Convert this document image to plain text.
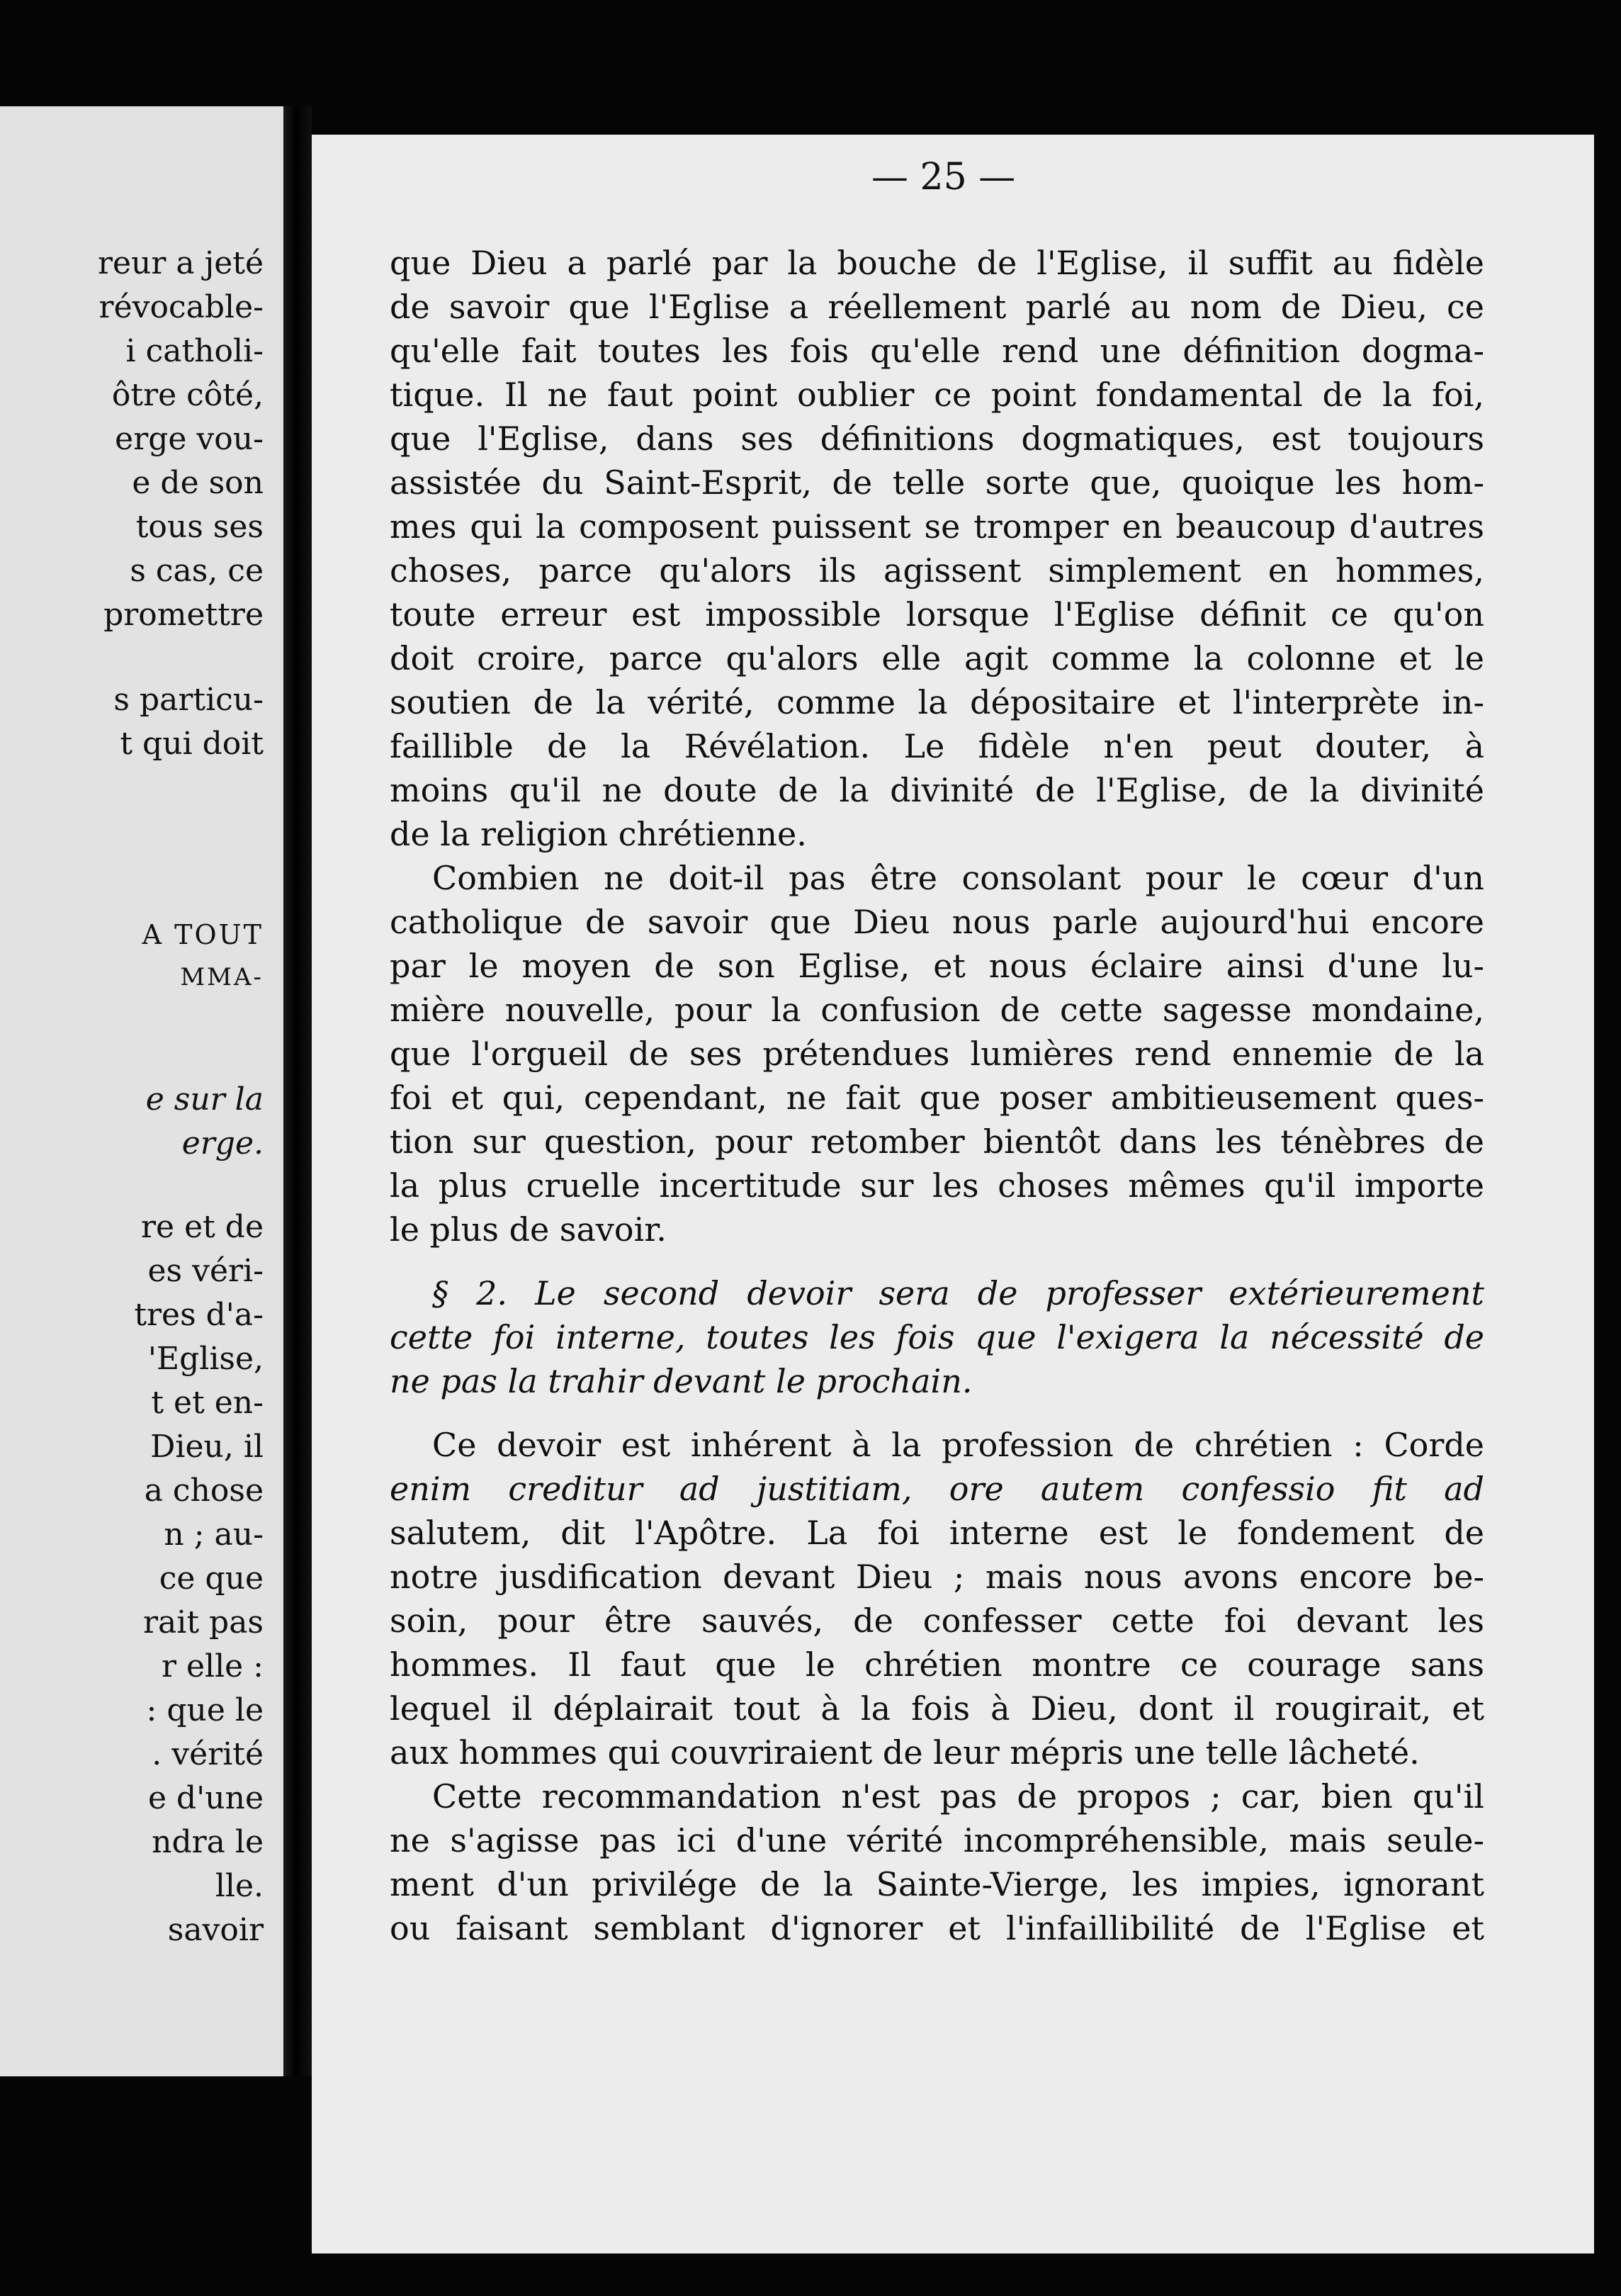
reur a jeté
révocable-
i catholi-
ôtre côté,
erge vou-
e de son
tous ses
s cas, ce
promettre
s particu-
t qui doit
A TOUT
MMA-
e sur la
erge.
re et de
es véri-
tres d'a-
'Eglise,
t et en-
Dieu, il
a chose
n ; au-
ce que
rait pas
r elle :
: que le
. vérité
e d'une
ndra le
lle.
savoir
— 25 —
que Dieu a parlé par la bouche de l'Eglise, il suffit au fidèle
de savoir que l'Eglise a réellement parlé au nom de Dieu, ce
qu'elle fait toutes les fois qu'elle rend une définition dogma-
tique. Il ne faut point oublier ce point fondamental de la foi,
que l'Eglise, dans ses définitions dogmatiques, est toujours
assistée du Saint-Esprit, de telle sorte que, quoique les hom-
mes qui la composent puissent se tromper en beaucoup d'autres
choses, parce qu'alors ils agissent simplement en hommes,
toute erreur est impossible lorsque l'Eglise définit ce qu'on
doit croire, parce qu'alors elle agit comme la colonne et le
soutien de la vérité, comme la dépositaire et l'interprète in-
faillible de la Révélation. Le fidèle n'en peut douter, à
moins qu'il ne doute de la divinité de l'Eglise, de la divinité
de la religion chrétienne.
Combien ne doit-il pas être consolant pour le cœur d'un
catholique de savoir que Dieu nous parle aujourd'hui encore
par le moyen de son Eglise, et nous éclaire ainsi d'une lu-
mière nouvelle, pour la confusion de cette sagesse mondaine,
que l'orgueil de ses prétendues lumières rend ennemie de la
foi et qui, cependant, ne fait que poser ambitieusement ques-
tion sur question, pour retomber bientôt dans les ténèbres de
la plus cruelle incertitude sur les choses mêmes qu'il importe
le plus de savoir.
§ 2. Le second devoir sera de professer extérieurement
cette foi interne, toutes les fois que l'exigera la nécessité de
ne pas la trahir devant le prochain.
Ce devoir est inhérent à la profession de chrétien : Corde
enim creditur ad justitiam, ore autem confessio fit ad
salutem, dit l'Apôtre. La foi interne est le fondement de
notre jusdification devant Dieu ; mais nous avons encore be-
soin, pour être sauvés, de confesser cette foi devant les
hommes. Il faut que le chrétien montre ce courage sans
lequel il déplairait tout à la fois à Dieu, dont il rougirait, et
aux hommes qui couvriraient de leur mépris une telle lâcheté.
Cette recommandation n'est pas de propos ; car, bien qu'il
ne s'agisse pas ici d'une vérité incompréhensible, mais seule-
ment d'un privilége de la Sainte-Vierge, les impies, ignorant
ou faisant semblant d'ignorer et l'infaillibilité de l'Eglise et
